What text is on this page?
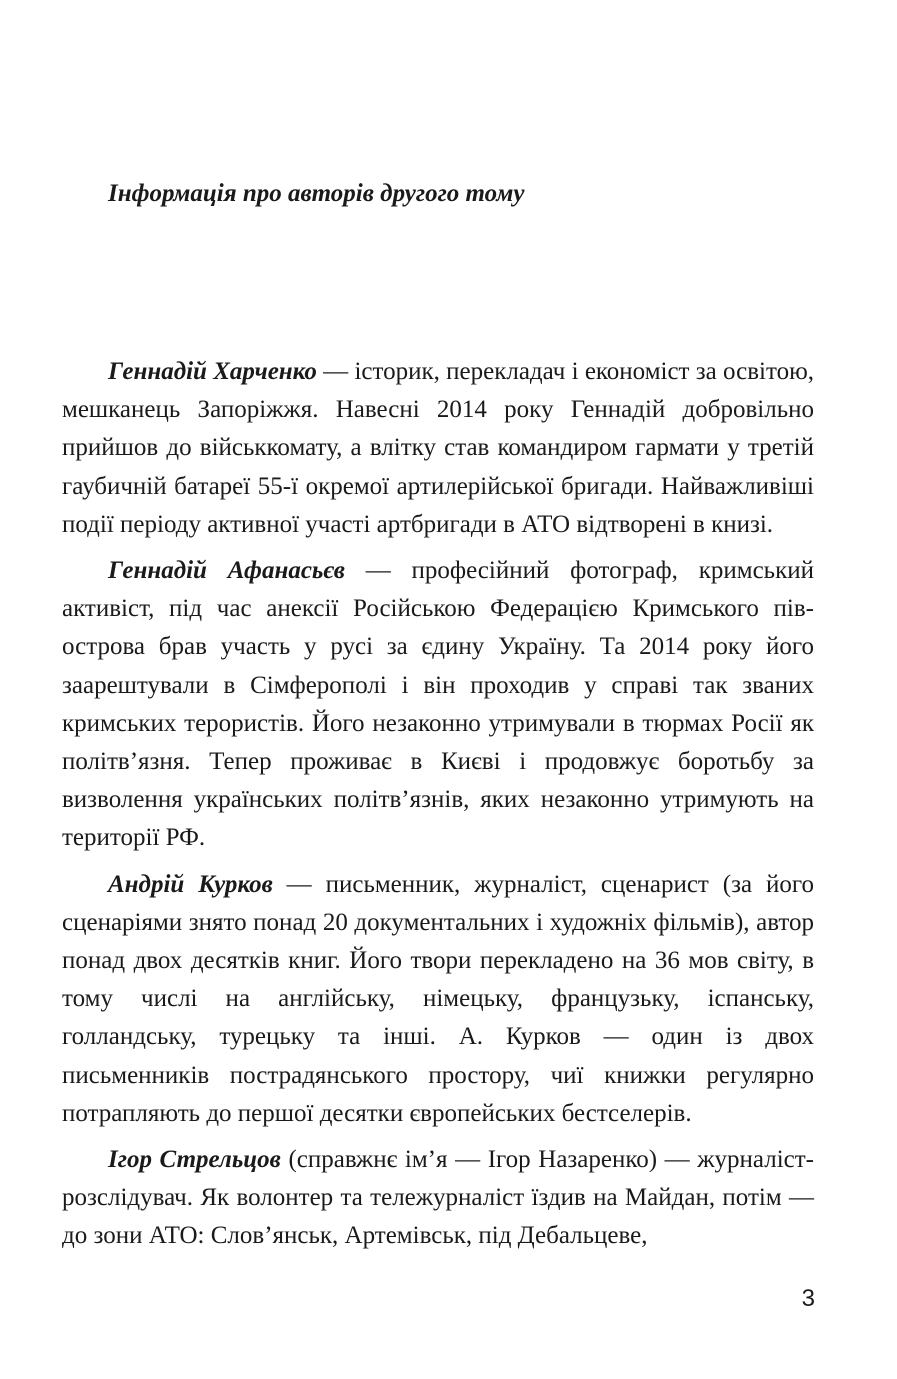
Інформація про авторів другого тому

Геннадій Харченко — історик, перекладач і економіст за освітою, мешканець Запоріжжя. Навесні 2014 року Геннадій добровільно прийшов до військкомату, а влітку став командиром гармати у третій гаубичній батареї 55-ї окремої артилерійської бригади. Найважливіші події періоду активної участі артбригади в АТО відтворені в книзі.

Геннадій Афанасьєв — професійний фотограф, кримський активіст, під час анексії Російською Федерацією Кримського півострова брав участь у русі за єдину Україну. Та 2014 року його заарештували в Сімферополі і він проходив у справі так званих кримських терористів. Його незаконно утримували в тюрмах Росії як політв’язня. Тепер проживає в Києві і продовжує боротьбу за визволення українських політв’язнів, яких незаконно утримують на території РФ.

Андрій Курков — письменник, журналіст, сценарист (за його сценаріями знято понад 20 документальних і художніх фільмів), автор понад двох десятків книг. Його твори перекладено на 36 мов світу, в тому числі на англійську, німецьку, французьку, іспанську, голландську, турецьку та інші. А. Курков — один із двох письменників пострадянського простору, чиї книжки регулярно потрапляють до першої десятки європейських бестселерів.

Ігор Стрельцов (справжнє ім’я — Ігор Назаренко) — журналіст-розслідувач. Як волонтер та тележурналіст їздив на Майдан, потім — до зони АТО: Слов’янськ, Артемівськ, під Дебальцеве,

3
